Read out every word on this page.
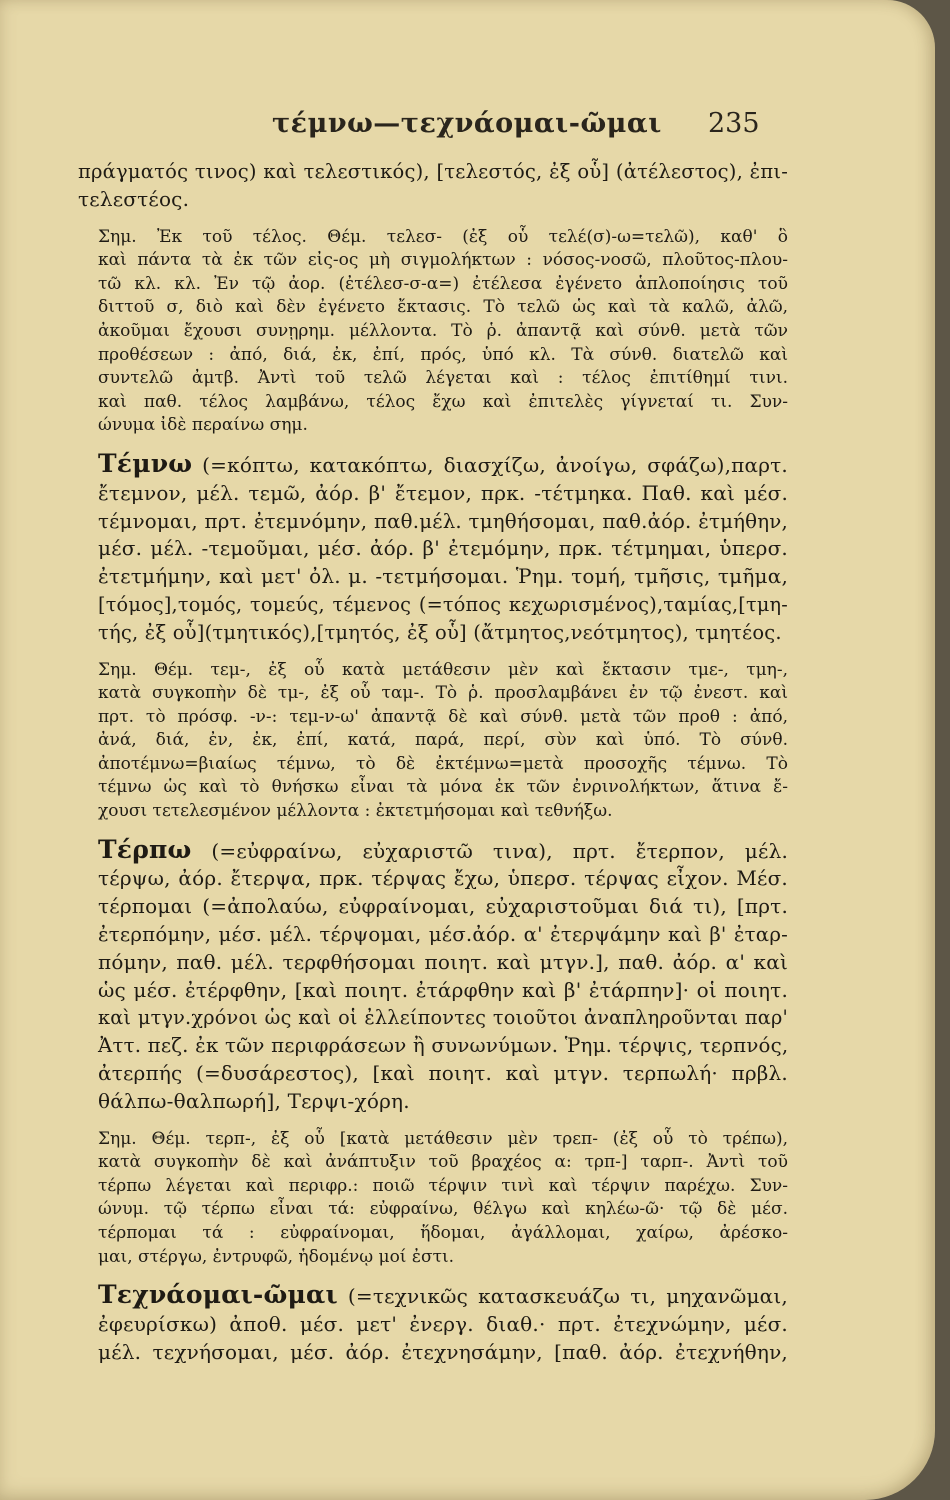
τέμνω—τεχνάομαι-ῶμαι 235
πράγματός τινος) καὶ τελεστικός), [τελεστός, ἐξ οὗ] (ἀτέλεστος), ἐπι-
τελεστέος.
Σημ. Ἐκ τοῦ τέλος. Θέμ. τελεσ- (ἐξ οὗ τελέ(σ)-ω=τελῶ), καθ' ὃ
καὶ πάντα τὰ ἐκ τῶν εἰς-ος μὴ σιγμολήκτων : νόσος-νοσῶ, πλοῦτος-πλου-
τῶ κλ. κλ. Ἐν τῷ ἀορ. (ἐτέλεσ-σ-α=) ἐτέλεσα ἐγένετο ἁπλοποίησις τοῦ
διττοῦ σ, διὸ καὶ δὲν ἐγένετο ἔκτασις. Τὸ τελῶ ὡς καὶ τὰ καλῶ, ἀλῶ,
ἀκοῦμαι ἔχουσι συνῃρημ. μέλλοντα. Τὸ ῥ. ἀπαντᾷ καὶ σύνθ. μετὰ τῶν
προθέσεων : ἀπό, διά, ἐκ, ἐπί, πρός, ὑπό κλ. Τὰ σύνθ. διατελῶ καὶ
συντελῶ ἀμτβ. Ἀντὶ τοῦ τελῶ λέγεται καὶ : τέλος ἐπιτίθημί τινι.
καὶ παθ. τέλος λαμβάνω, τέλος ἔχω καὶ ἐπιτελὲς γίγνεταί τι. Συν-
ώνυμα ἰδὲ περαίνω σημ.
Τέμνω (=κόπτω, κατακόπτω, διασχίζω, ἀνοίγω, σφάζω),παρτ.
ἔτεμνον, μέλ. τεμῶ, ἀόρ. β' ἔτεμον, πρκ. -τέτμηκα. Παθ. καὶ μέσ.
τέμνομαι, πρτ. ἐτεμνόμην, παθ.μέλ. τμηθήσομαι, παθ.ἀόρ. ἐτμήθην,
μέσ. μέλ. -τεμοῦμαι, μέσ. ἀόρ. β' ἐτεμόμην, πρκ. τέτμημαι, ὑπερσ.
ἐτετμήμην, καὶ μετ' ὀλ. μ. -τετμήσομαι. Ῥημ. τομή, τμῆσις, τμῆμα,
[τόμος],τομός, τομεύς, τέμενος (=τόπος κεχωρισμένος),ταμίας,[τμη-
τής, ἐξ οὗ](τμητικός),[τμητός, ἐξ οὗ] (ἄτμητος,νεότμητος), τμητέος.
Σημ. Θέμ. τεμ-, ἐξ οὗ κατὰ μετάθεσιν μὲν καὶ ἔκτασιν τμε-, τμη-,
κατὰ συγκοπὴν δὲ τμ-, ἐξ οὗ ταμ-. Τὸ ῥ. προσλαμβάνει ἐν τῷ ἐνεστ. καὶ
πρτ. τὸ πρόσφ. -ν-: τεμ-ν-ω' ἀπαντᾷ δὲ καὶ σύνθ. μετὰ τῶν προθ : ἀπό,
ἀνά, διά, ἐν, ἐκ, ἐπί, κατά, παρά, περί, σὺν καὶ ὑπό. Τὸ σύνθ.
ἀποτέμνω=βιαίως τέμνω, τὸ δὲ ἐκτέμνω=μετὰ προσοχῆς τέμνω. Τὸ
τέμνω ὡς καὶ τὸ θνήσκω εἶναι τὰ μόνα ἐκ τῶν ἐνρινολήκτων, ἅτινα ἔ-
χουσι τετελεσμένον μέλλοντα : ἐκτετμήσομαι καὶ τεθνήξω.
Τέρπω (=εὐφραίνω, εὐχαριστῶ τινα), πρτ. ἔτερπον, μέλ.
τέρψω, ἀόρ. ἔτερψα, πρκ. τέρψας ἔχω, ὑπερσ. τέρψας εἶχον. Μέσ.
τέρπομαι (=ἀπολαύω, εὐφραίνομαι, εὐχαριστοῦμαι διά τι), [πρτ.
ἐτερπόμην, μέσ. μέλ. τέρψομαι, μέσ.ἀόρ. α' ἐτερψάμην καὶ β' ἐταρ-
πόμην, παθ. μέλ. τερφθήσομαι ποιητ. καὶ μτγν.], παθ. ἀόρ. α' καὶ
ὡς μέσ. ἐτέρφθην, [καὶ ποιητ. ἐτάρφθην καὶ β' ἐτάρπην]· οἱ ποιητ.
καὶ μτγν.χρόνοι ὡς καὶ οἱ ἐλλείποντες τοιοῦτοι ἀναπληροῦνται παρ'
Ἀττ. πεζ. ἐκ τῶν περιφράσεων ἢ συνωνύμων. Ῥημ. τέρψις, τερπνός,
ἀτερπής (=δυσάρεστος), [καὶ ποιητ. καὶ μτγν. τερπωλή· πρβλ.
θάλπω-θαλπωρή], Τερψι-χόρη.
Σημ. Θέμ. τερπ-, ἐξ οὗ [κατὰ μετάθεσιν μὲν τρεπ- (ἐξ οὗ τὸ τρέπω),
κατὰ συγκοπὴν δὲ καὶ ἀνάπτυξιν τοῦ βραχέος α: τρπ-] ταρπ-. Ἀντὶ τοῦ
τέρπω λέγεται καὶ περιφρ.: ποιῶ τέρψιν τινὶ καὶ τέρψιν παρέχω. Συν-
ώνυμ. τῷ τέρπω εἶναι τά: εὐφραίνω, θέλγω καὶ κηλέω-ῶ· τῷ δὲ μέσ.
τέρπομαι τά : εὐφραίνομαι, ἥδομαι, ἀγάλλομαι, χαίρω, ἀρέσκο-
μαι, στέργω, ἐντρυφῶ, ἡδομένῳ μοί ἐστι.
Τεχνάομαι-ῶμαι (=τεχνικῶς κατασκευάζω τι, μηχανῶμαι,
ἐφευρίσκω) ἀποθ. μέσ. μετ' ἐνεργ. διαθ.· πρτ. ἐτεχνώμην, μέσ.
μέλ. τεχνήσομαι, μέσ. ἀόρ. ἐτεχνησάμην, [παθ. ἀόρ. ἐτεχνήθην,
